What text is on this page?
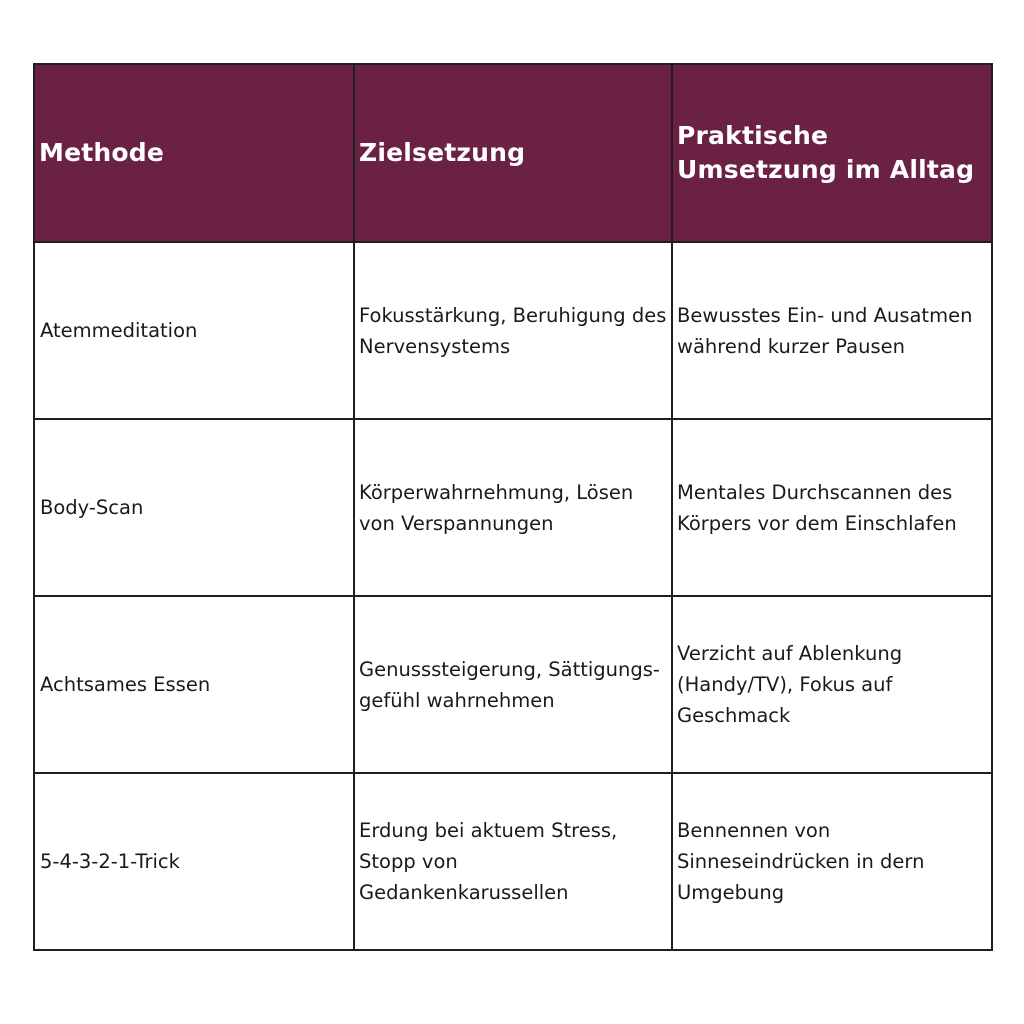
Methode	Zielsetzung	Praktische Umsetzung im Alltag
Atemmeditation	Fokusstärkung, Beruhigung des Nervensystems	Bewusstes Ein- und Ausatmen während kurzer Pausen
Body-Scan	Körperwahrnehmung, Lösen von Verspannungen	Mentales Durchscannen des Körpers vor dem Einschlafen
Achtsames Essen	Genusssteigerung, Sättigungs-gefühl wahrnehmen	Verzicht auf Ablenkung (Handy/TV), Fokus auf Geschmack
5-4-3-2-1-Trick	Erdung bei aktuem Stress, Stopp von Gedankenkarussellen	Bennennen von Sinneseindrücken in dern Umgebung
